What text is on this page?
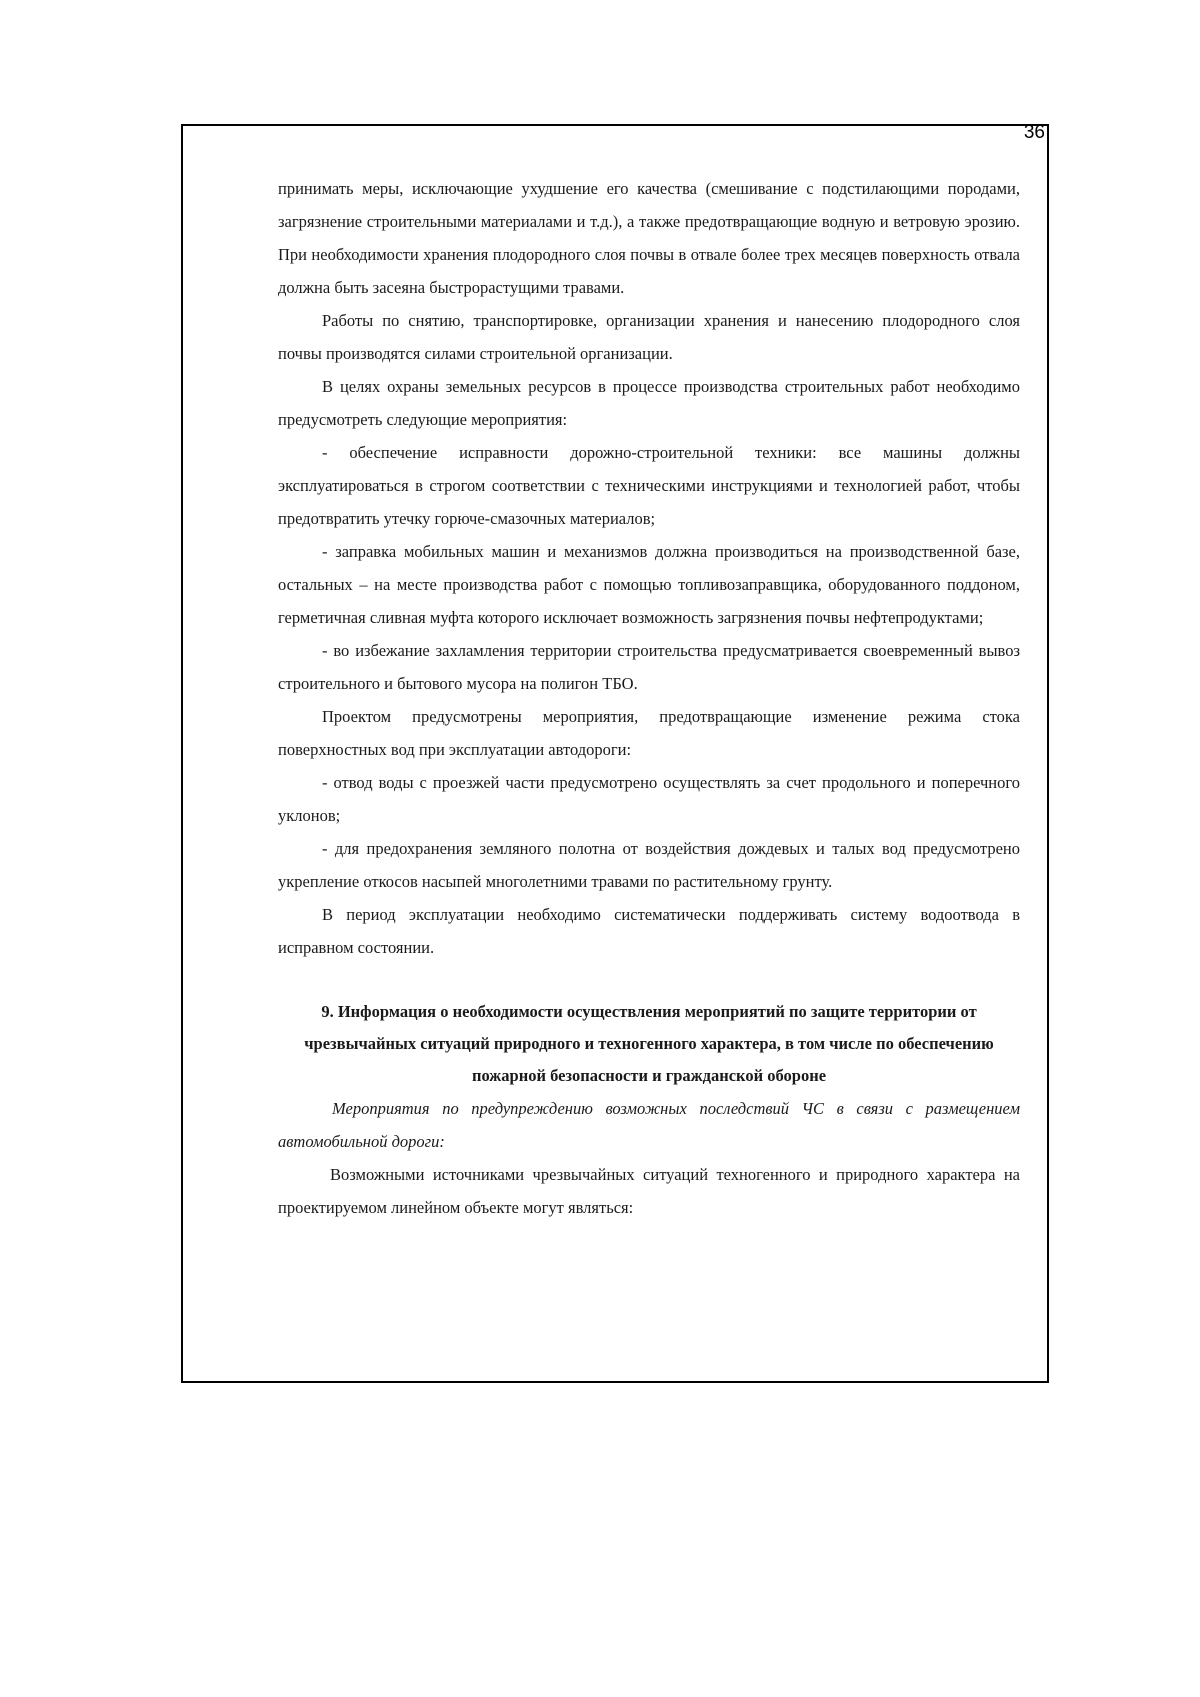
36

принимать меры, исключающие ухудшение его качества (смешивание с подстилающими породами, загрязнение строительными материалами и т.д.), а также предотвращающие водную и ветровую эрозию. При необходимости хранения плодородного слоя почвы в отвале более трех месяцев поверхность отвала должна быть засеяна быстрорастущими травами.

Работы по снятию, транспортировке, организации хранения и нанесению плодородного слоя почвы производятся силами строительной организации.

В целях охраны земельных ресурсов в процессе производства строительных работ необходимо предусмотреть следующие мероприятия:

- обеспечение исправности дорожно-строительной техники: все машины должны эксплуатироваться в строгом соответствии с техническими инструкциями и технологией работ, чтобы предотвратить утечку горюче-смазочных материалов;

- заправка мобильных машин и механизмов должна производиться на производственной базе, остальных – на месте производства работ с помощью топливозаправщика, оборудованного поддоном, герметичная сливная муфта которого исключает возможность загрязнения почвы нефтепродуктами;

- во избежание захламления территории строительства предусматривается своевременный вывоз строительного и бытового мусора на полигон ТБО.

Проектом предусмотрены мероприятия, предотвращающие изменение режима стока поверхностных вод при эксплуатации автодороги:

- отвод воды с проезжей части предусмотрено осуществлять за счет продольного и поперечного уклонов;

- для предохранения земляного полотна от воздействия дождевых и талых вод предусмотрено укрепление откосов насыпей многолетними травами по растительному грунту.

В период эксплуатации необходимо систематически поддерживать систему водоотвода в исправном состоянии.

9. Информация о необходимости осуществления мероприятий по защите территории от чрезвычайных ситуаций природного и техногенного характера, в том числе по обеспечению пожарной безопасности и гражданской обороне

Мероприятия по предупреждению возможных последствий ЧС в связи с размещением автомобильной дороги:

Возможными источниками чрезвычайных ситуаций техногенного и природного характера на проектируемом линейном объекте могут являться:
